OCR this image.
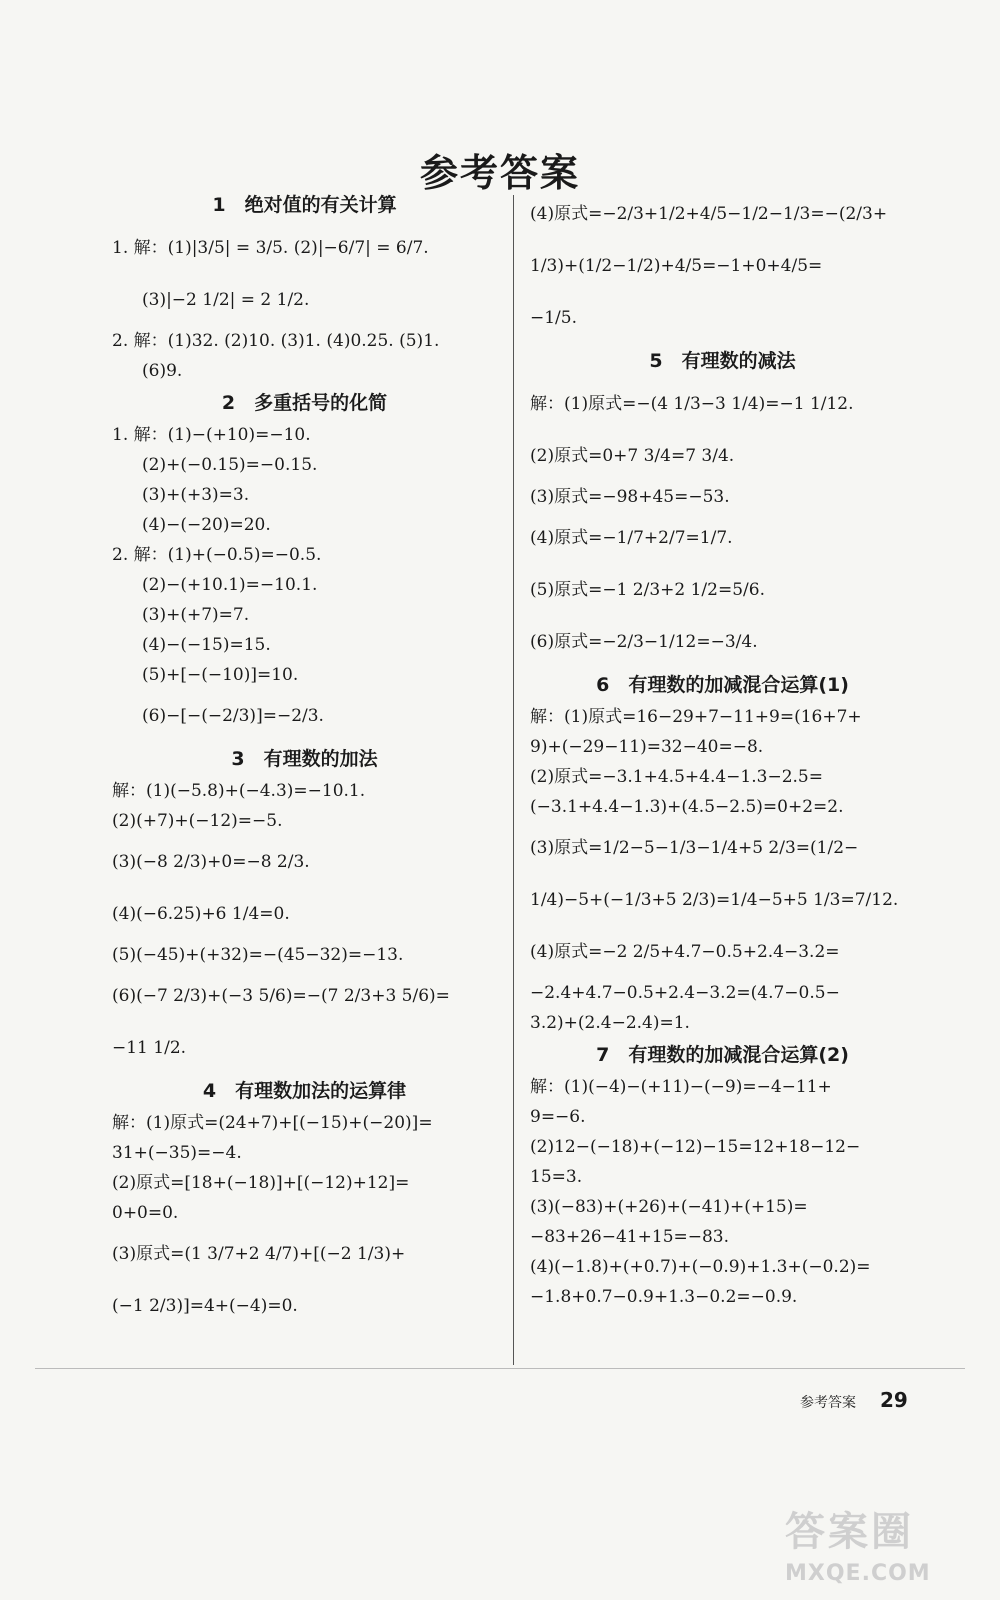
参考答案
1　绝对值的有关计算
1. 解：(1)|3/5| = 3/5. (2)|−6/7| = 6/7.
(3)|−2 1/2| = 2 1/2.
2. 解：(1)32. (2)10. (3)1. (4)0.25. (5)1.
(6)9.
2　多重括号的化简
1. 解：(1)−(+10)=−10.
(2)+(−0.15)=−0.15.
(3)+(+3)=3.
(4)−(−20)=20.
2. 解：(1)+(−0.5)=−0.5.
(2)−(+10.1)=−10.1.
(3)+(+7)=7.
(4)−(−15)=15.
(5)+[−(−10)]=10.
(6)−[−(−2/3)]=−2/3.
3　有理数的加法
解：(1)(−5.8)+(−4.3)=−10.1.
(2)(+7)+(−12)=−5.
(3)(−8 2/3)+0=−8 2/3.
(4)(−6.25)+6 1/4=0.
(5)(−45)+(+32)=−(45−32)=−13.
(6)(−7 2/3)+(−3 5/6)=−(7 2/3+3 5/6)=
−11 1/2.
4　有理数加法的运算律
解：(1)原式=(24+7)+[(−15)+(−20)]=
31+(−35)=−4.
(2)原式=[18+(−18)]+[(−12)+12]=
0+0=0.
(3)原式=(1 3/7+2 4/7)+[(−2 1/3)+
(−1 2/3)]=4+(−4)=0.
(4)原式=−2/3+1/2+4/5−1/2−1/3=−(2/3+
1/3)+(1/2−1/2)+4/5=−1+0+4/5=
−1/5.
5　有理数的减法
解：(1)原式=−(4 1/3−3 1/4)=−1 1/12.
(2)原式=0+7 3/4=7 3/4.
(3)原式=−98+45=−53.
(4)原式=−1/7+2/7=1/7.
(5)原式=−1 2/3+2 1/2=5/6.
(6)原式=−2/3−1/12=−3/4.
6　有理数的加减混合运算(1)
解：(1)原式=16−29+7−11+9=(16+7+
9)+(−29−11)=32−40=−8.
(2)原式=−3.1+4.5+4.4−1.3−2.5=
(−3.1+4.4−1.3)+(4.5−2.5)=0+2=2.
(3)原式=1/2−5−1/3−1/4+5 2/3=(1/2−
1/4)−5+(−1/3+5 2/3)=1/4−5+5 1/3=7/12.
(4)原式=−2 2/5+4.7−0.5+2.4−3.2=
−2.4+4.7−0.5+2.4−3.2=(4.7−0.5−
3.2)+(2.4−2.4)=1.
7　有理数的加减混合运算(2)
解：(1)(−4)−(+11)−(−9)=−4−11+
9=−6.
(2)12−(−18)+(−12)−15=12+18−12−
15=3.
(3)(−83)+(+26)+(−41)+(+15)=
−83+26−41+15=−83.
(4)(−1.8)+(+0.7)+(−0.9)+1.3+(−0.2)=
−1.8+0.7−0.9+1.3−0.2=−0.9.
参考答案 29
答案圈
MXQE.COM
